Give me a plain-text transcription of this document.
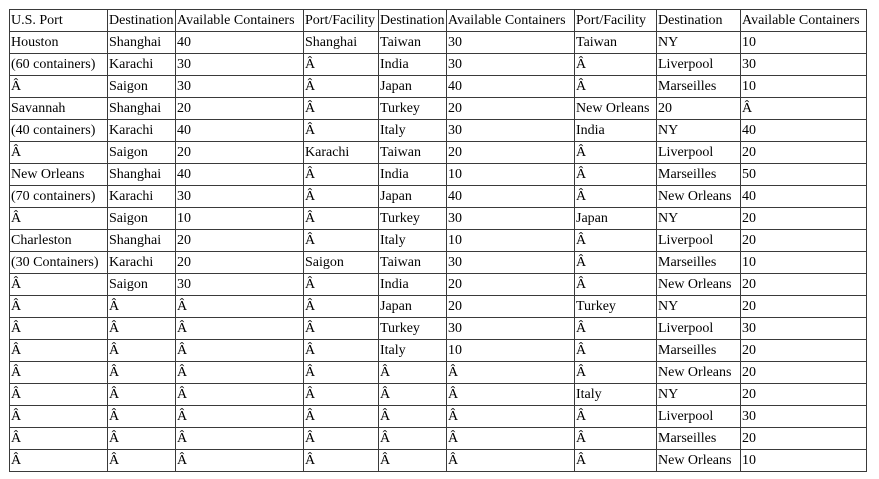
U.S. Port	Destination	Available Containers	Port/Facility	Destination	Available Containers	Port/Facility	Destination	Available Containers
Houston	Shanghai	40	Shanghai	Taiwan	30	Taiwan	NY	10
(60 containers)	Karachi	30	Â	India	30	Â	Liverpool	30
Â	Saigon	30	Â	Japan	40	Â	Marseilles	10
Savannah	Shanghai	20	Â	Turkey	20	New Orleans	20	Â
(40 containers)	Karachi	40	Â	Italy	30	India	NY	40
Â	Saigon	20	Karachi	Taiwan	20	Â	Liverpool	20
New Orleans	Shanghai	40	Â	India	10	Â	Marseilles	50
(70 containers)	Karachi	30	Â	Japan	40	Â	New Orleans	40
Â	Saigon	10	Â	Turkey	30	Japan	NY	20
Charleston	Shanghai	20	Â	Italy	10	Â	Liverpool	20
(30 Containers)	Karachi	20	Saigon	Taiwan	30	Â	Marseilles	10
Â	Saigon	30	Â	India	20	Â	New Orleans	20
Â	Â	Â	Â	Japan	20	Turkey	NY	20
Â	Â	Â	Â	Turkey	30	Â	Liverpool	30
Â	Â	Â	Â	Italy	10	Â	Marseilles	20
Â	Â	Â	Â	Â	Â	Â	New Orleans	20
Â	Â	Â	Â	Â	Â	Italy	NY	20
Â	Â	Â	Â	Â	Â	Â	Liverpool	30
Â	Â	Â	Â	Â	Â	Â	Marseilles	20
Â	Â	Â	Â	Â	Â	Â	New Orleans	10
